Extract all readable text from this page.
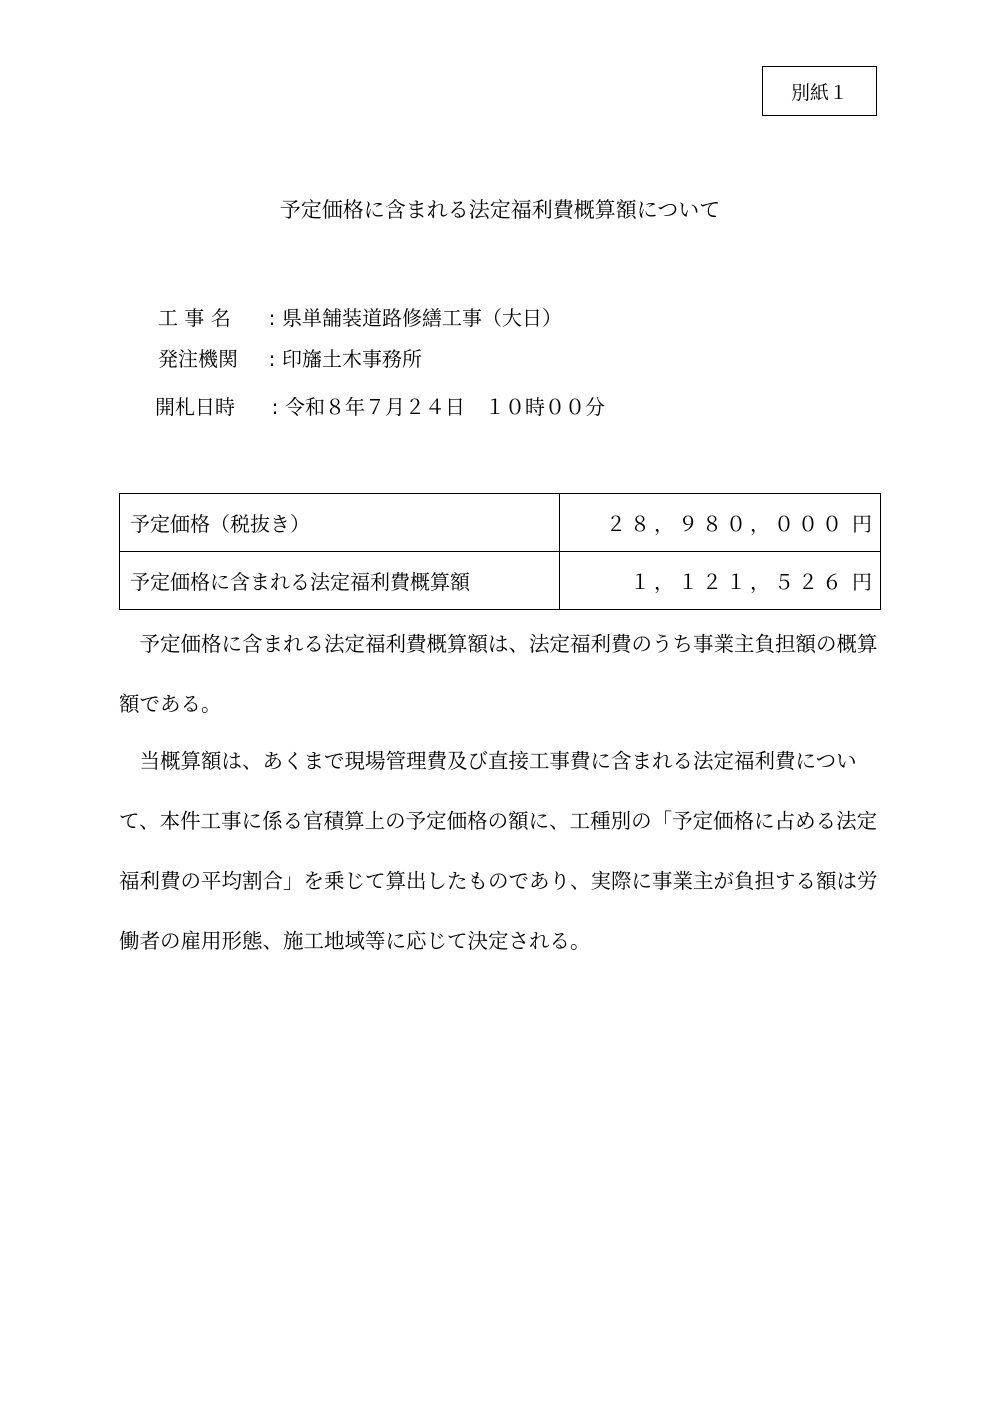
別紙１
予定価格に含まれる法定福利費概算額について
工 事 名	: 県単舗装道路修繕工事（大日）
発注機関	: 印旛土木事務所
開札日時	: 令和８年７月２４日　１０時００分
予定価格（税抜き）	２８，９８０，０００ 円
予定価格に含まれる法定福利費概算額	１，１２１，５２６ 円

予定価格に含まれる法定福利費概算額は、法定福利費のうち事業主負担額の概算額である。

当概算額は、あくまで現場管理費及び直接工事費に含まれる法定福利費について、本件工事に係る官積算上の予定価格の額に、工種別の「予定価格に占める法定福利費の平均割合」を乗じて算出したものであり、実際に事業主が負担する額は労働者の雇用形態、施工地域等に応じて決定される。
